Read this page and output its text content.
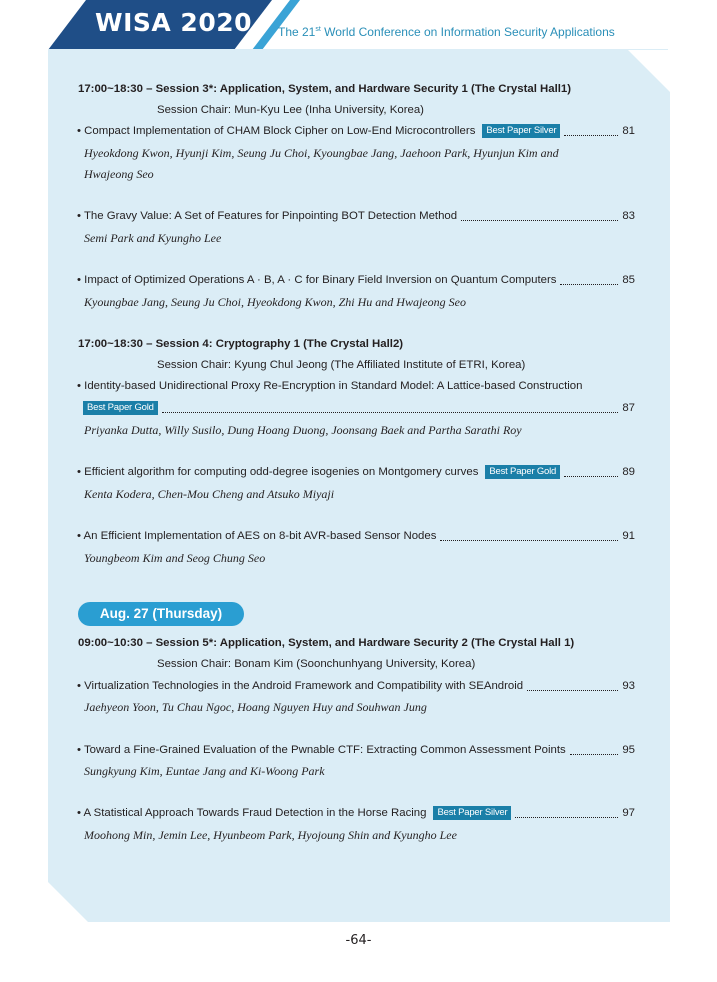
WISA 2020 The 21st World Conference on Information Security Applications
17:00~18:30 – Session 3*: Application, System, and Hardware Security 1 (The Crystal Hall1)
Session Chair: Mun-Kyu Lee (Inha University, Korea)
• Compact Implementation of CHAM Block Cipher on Low-End Microcontrollers	Best Paper Silver	81
Hyeokdong Kwon, Hyunji Kim, Seung Ju Choi, Kyoungbae Jang, Jaehoon Park, Hyunjun Kim and
Hwajeong Seo
• The Gravy Value: A Set of Features for Pinpointing BOT Detection Method	83
Semi Park and Kyungho Lee
• Impact of Optimized Operations A · B, A · C for Binary Field Inversion on Quantum Computers	85
Kyoungbae Jang, Seung Ju Choi, Hyeokdong Kwon, Zhi Hu and Hwajeong Seo
17:00~18:30 – Session 4: Cryptography 1 (The Crystal Hall2)
Session Chair: Kyung Chul Jeong (The Affiliated Institute of ETRI, Korea)
• Identity-based Unidirectional Proxy Re-Encryption in Standard Model: A Lattice-based Construction
Best Paper Gold	87
Priyanka Dutta, Willy Susilo, Dung Hoang Duong, Joonsang Baek and Partha Sarathi Roy
• Efficient algorithm for computing odd-degree isogenies on Montgomery curves	Best Paper Gold	89
Kenta Kodera, Chen-Mou Cheng and Atsuko Miyaji
• An Efficient Implementation of AES on 8-bit AVR-based Sensor Nodes	91
Youngbeom Kim and Seog Chung Seo
Aug. 27 (Thursday)
09:00~10:30 – Session 5*: Application, System, and Hardware Security 2 (The Crystal Hall 1)
Session Chair: Bonam Kim (Soonchunhyang University, Korea)
• Virtualization Technologies in the Android Framework and Compatibility with SEAndroid	93
Jaehyeon Yoon, Tu Chau Ngoc, Hoang Nguyen Huy and Souhwan Jung
• Toward a Fine-Grained Evaluation of the Pwnable CTF: Extracting Common Assessment Points	95
Sungkyung Kim, Euntae Jang and Ki-Woong Park
• A Statistical Approach Towards Fraud Detection in the Horse Racing	Best Paper Silver	97
Moohong Min, Jemin Lee, Hyunbeom Park, Hyojoung Shin and Kyungho Lee
-64-
